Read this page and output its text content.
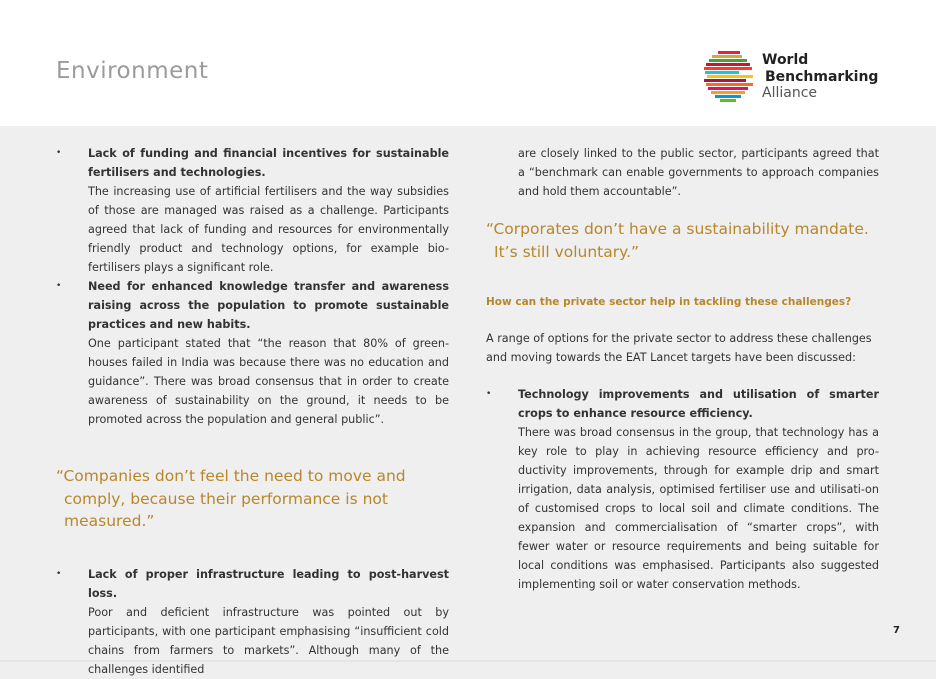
Environment	World
Benchmarking
Alliance
• Lack of funding and financial incentives for sustainable fertilisers and technologies.
The increasing use of artificial fertilisers and the way subsidies of those are managed was raised as a challenge. Participants agreed that lack of funding and resources for environmentally friendly product and technology options, for example bio-fertilisers plays a significant role.
• Need for enhanced knowledge transfer and awareness raising across the population to promote sustainable practices and new habits.
One participant stated that “the reason that 80% of green-houses failed in India was because there was no education and guidance”. There was broad consensus that in order to create awareness of sustainability on the ground, it needs to be promoted across the population and general public”.
“Companies don’t feel the need to move and
comply, because their performance is not measured.”
• Lack of proper infrastructure leading to post-harvest loss.
Poor and deficient infrastructure was pointed out by participants, with one participant emphasising “insufficient cold chains from farmers to markets”. Although many of the challenges identified
are closely linked to the public sector, participants agreed that a “benchmark can enable governments to approach companies and hold them accountable”.
“Corporates don’t have a sustainability mandate.
It’s still voluntary.”
How can the private sector help in tackling these challenges?
A range of options for the private sector to address these challenges and moving towards the EAT Lancet targets have been discussed:
• Technology improvements and utilisation of smarter crops to enhance resource efficiency.
There was broad consensus in the group, that technology has a key role to play in achieving resource efficiency and pro-ductivity improvements, through for example drip and smart irrigation, data analysis, optimised fertiliser use and utilisati-on of customised crops to local soil and climate conditions. The expansion and commercialisation of “smarter crops”, with fewer water or resource requirements and being suitable for local conditions was emphasised. Participants also suggested implementing soil or water conservation methods.
7
